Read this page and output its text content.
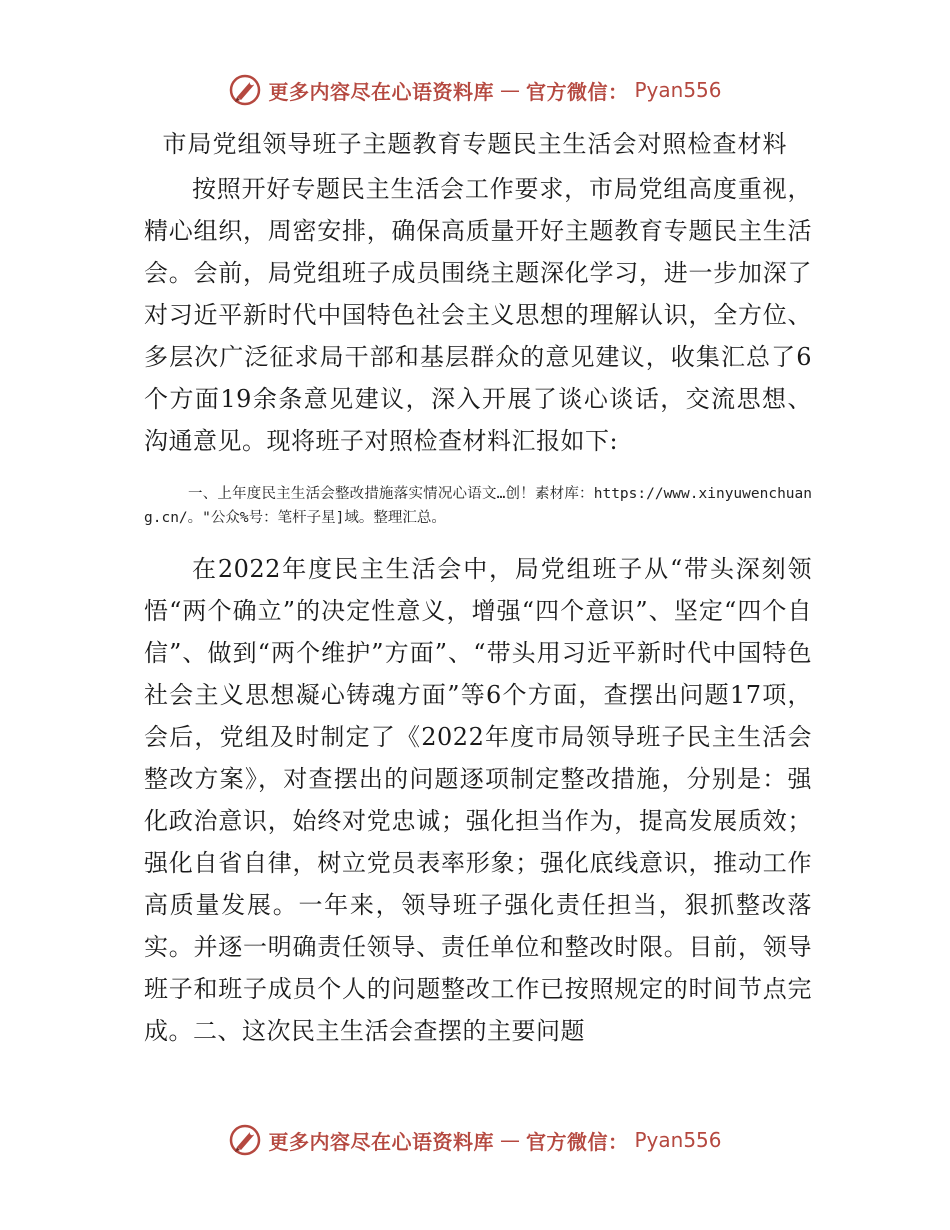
更多内容尽在心语资料库 — 官方微信： Pyan556
市局党组领导班子主题教育专题民主生活会对照检查材料

按照开好专题民主生活会工作要求，市局党组高度重视，精心组织，周密安排，确保高质量开好主题教育专题民主生活会。会前，局党组班子成员围绕主题深化学习，进一步加深了对习近平新时代中国特色社会主义思想的理解认识，全方位、多层次广泛征求局干部和基层群众的意见建议，收集汇总了6个方面19余条意见建议，深入开展了谈心谈话，交流思想、沟通意见。现将班子对照检查材料汇报如下:

一、上年度民主生活会整改措施落实情况心语文…创！素材库：https://www.xinyuwenchuang.cn/。"公众%号：笔杆子星]域。整理汇总。

在2022年度民主生活会中，局党组班子从“带头深刻领悟“两个确立”的决定性意义，增强“四个意识”、坚定“四个自信”、做到“两个维护”方面”、“带头用习近平新时代中国特色社会主义思想凝心铸魂方面”等6个方面，查摆出问题17项，会后，党组及时制定了《2022年度市局领导班子民主生活会整改方案》，对查摆出的问题逐项制定整改措施，分别是：强化政治意识，始终对党忠诚；强化担当作为，提高发展质效；强化自省自律，树立党员表率形象；强化底线意识，推动工作高质量发展。一年来，领导班子强化责任担当，狠抓整改落实。并逐一明确责任领导、责任单位和整改时限。目前，领导班子和班子成员个人的问题整改工作已按照规定的时间节点完成。二、这次民主生活会查摆的主要问题

更多内容尽在心语资料库 — 官方微信： Pyan556
